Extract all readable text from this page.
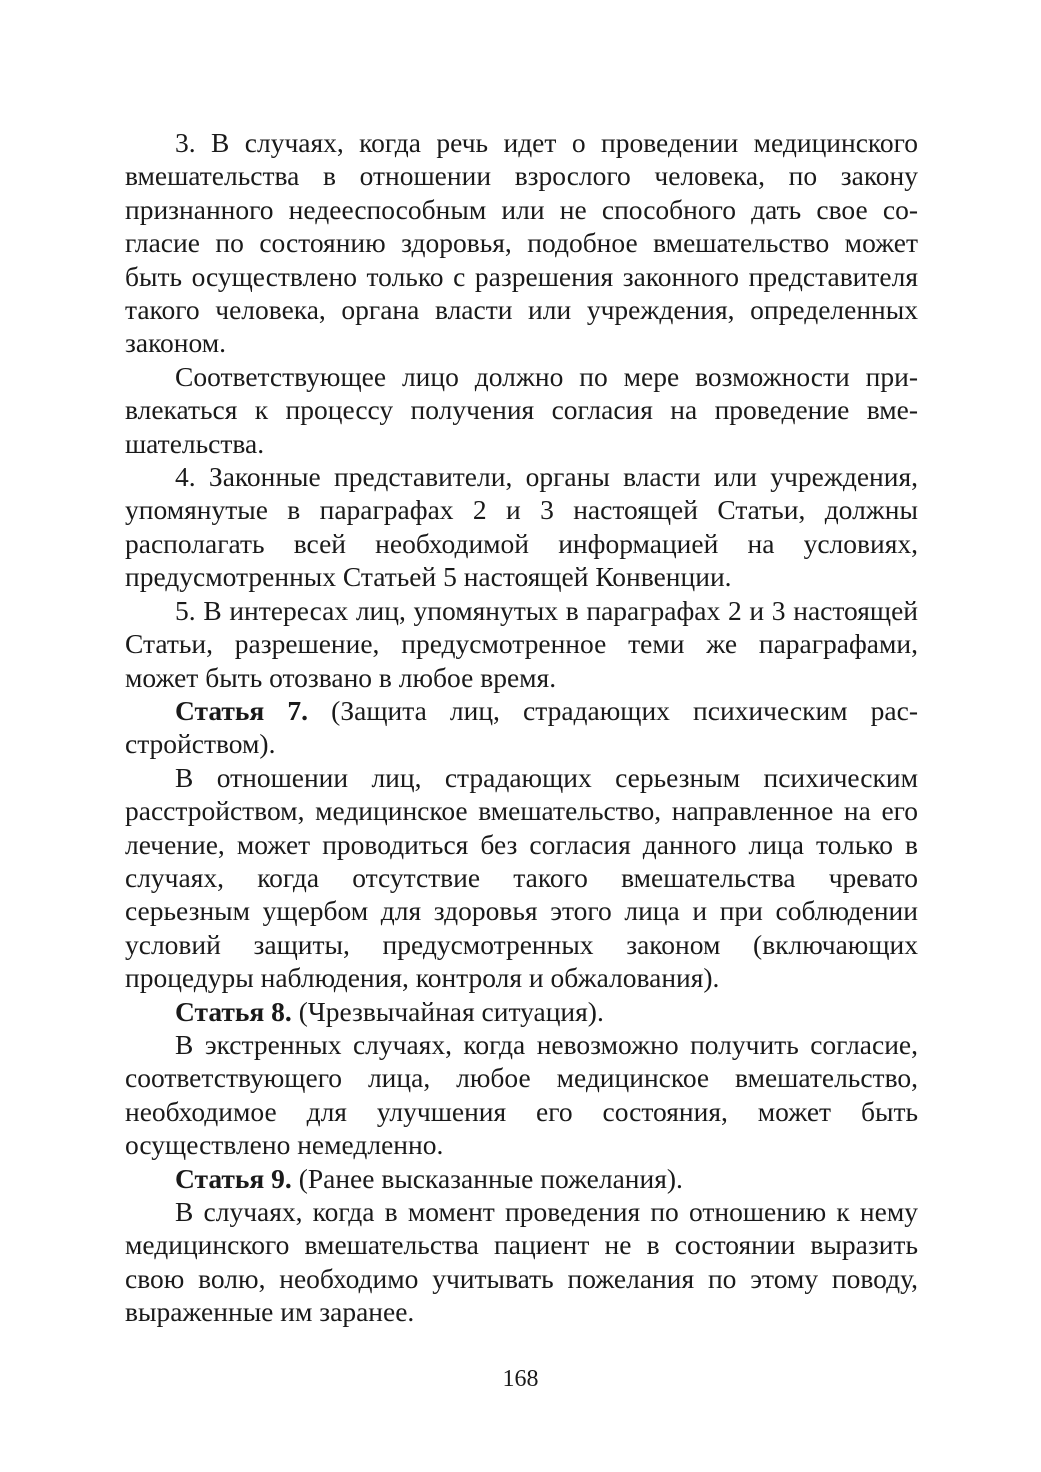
3. В случаях, когда речь идет о проведении медицинского вмешательства в отношении взрослого человека, по закону признанного недееспособным или не способного дать свое согласие по состоянию здоровья, подобное вмешательство может быть осуществлено только с разрешения законного представителя такого человека, органа власти или учреждения, определенных законом.

Соответствующее лицо должно по мере возможности привлекаться к процессу получения согласия на проведение вмешательства.

4. Законные представители, органы власти или учреждения, упомянутые в параграфах 2 и 3 настоящей Статьи, должны располагать всей необходимой информацией на условиях, предусмотренных Статьей 5 настоящей Конвенции.

5. В интересах лиц, упомянутых в параграфах 2 и 3 настоящей Статьи, разрешение, предусмотренное теми же параграфами, может быть отозвано в любое время.

Статья 7. (Защита лиц, страдающих психическим расстройством).

В отношении лиц, страдающих серьезным психическим расстройством, медицинское вмешательство, направленное на его лечение, может проводиться без согласия данного лица только в случаях, когда отсутствие такого вмешательства чревато серьезным ущербом для здоровья этого лица и при соблюдении условий защиты, предусмотренных законом (включающих процедуры наблюдения, контроля и обжалования).

Статья 8. (Чрезвычайная ситуация).

В экстренных случаях, когда невозможно получить согласие, соответствующего лица, любое медицинское вмешательство, необходимое для улучшения его состояния, может быть осуществлено немедленно.

Статья 9. (Ранее высказанные пожелания).

В случаях, когда в момент проведения по отношению к нему медицинского вмешательства пациент не в состоянии выразить свою волю, необходимо учитывать пожелания по этому поводу, выраженные им заранее.

168
